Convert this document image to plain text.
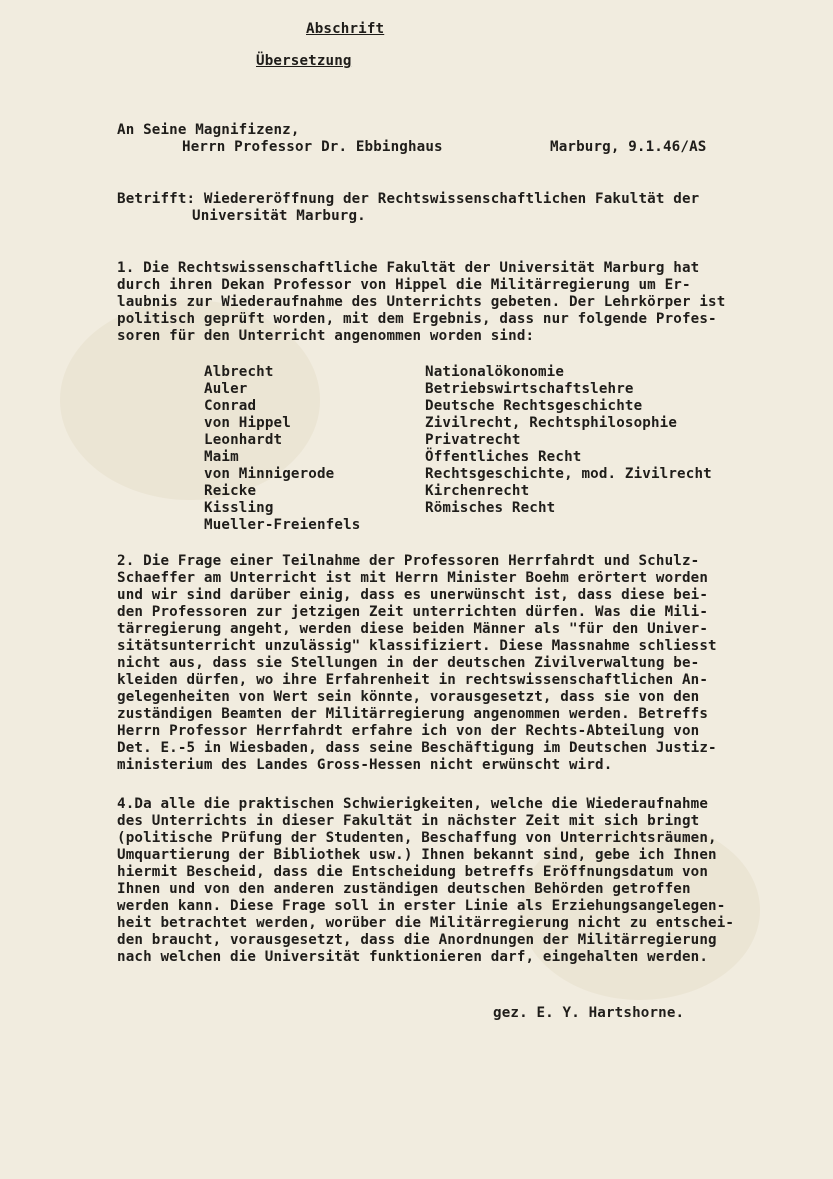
Abschrift
Übersetzung
An Seine Magnifizenz,
Herrn Professor Dr. Ebbinghaus	Marburg, 9.1.46/AS
Betrifft: Wiedereröffnung der Rechtswissenschaftlichen Fakultät der
Universität Marburg.
1. Die Rechtswissenschaftliche Fakultät der Universität Marburg hat
durch ihren Dekan Professor von Hippel die Militärregierung um Er-
laubnis zur Wiederaufnahme des Unterrichts gebeten. Der Lehrkörper ist
politisch geprüft worden, mit dem Ergebnis, dass nur folgende Profes-
soren für den Unterricht angenommen worden sind:
Albrecht
Auler
Conrad
von Hippel
Leonhardt
Maim
von Minnigerode
Reicke
Kissling
Mueller-Freienfels
Nationalökonomie
Betriebswirtschaftslehre
Deutsche Rechtsgeschichte
Zivilrecht, Rechtsphilosophie
Privatrecht
Öffentliches Recht
Rechtsgeschichte, mod. Zivilrecht
Kirchenrecht
Römisches Recht
2. Die Frage einer Teilnahme der Professoren Herrfahrdt und Schulz-
Schaeffer am Unterricht ist mit Herrn Minister Boehm erörtert worden
und wir sind darüber einig, dass es unerwünscht ist, dass diese bei-
den Professoren zur jetzigen Zeit unterrichten dürfen. Was die Mili-
tärregierung angeht, werden diese beiden Männer als "für den Univer-
sitätsunterricht unzulässig" klassifiziert. Diese Massnahme schliesst
nicht aus, dass sie Stellungen in der deutschen Zivilverwaltung be-
kleiden dürfen, wo ihre Erfahrenheit in rechtswissenschaftlichen An-
gelegenheiten von Wert sein könnte, vorausgesetzt, dass sie von den
zuständigen Beamten der Militärregierung angenommen werden. Betreffs
Herrn Professor Herrfahrdt erfahre ich von der Rechts-Abteilung von
Det. E.-5 in Wiesbaden, dass seine Beschäftigung im Deutschen Justiz-
ministerium des Landes Gross-Hessen nicht erwünscht wird.
4.Da alle die praktischen Schwierigkeiten, welche die Wiederaufnahme
des Unterrichts in dieser Fakultät in nächster Zeit mit sich bringt
(politische Prüfung der Studenten, Beschaffung von Unterrichtsräumen,
Umquartierung der Bibliothek usw.) Ihnen bekannt sind, gebe ich Ihnen
hiermit Bescheid, dass die Entscheidung betreffs Eröffnungsdatum von
Ihnen und von den anderen zuständigen deutschen Behörden getroffen
werden kann. Diese Frage soll in erster Linie als Erziehungsangelegen-
heit betrachtet werden, worüber die Militärregierung nicht zu entschei-
den braucht, vorausgesetzt, dass die Anordnungen der Militärregierung
nach welchen die Universität funktionieren darf, eingehalten werden.
gez. E. Y. Hartshorne.
